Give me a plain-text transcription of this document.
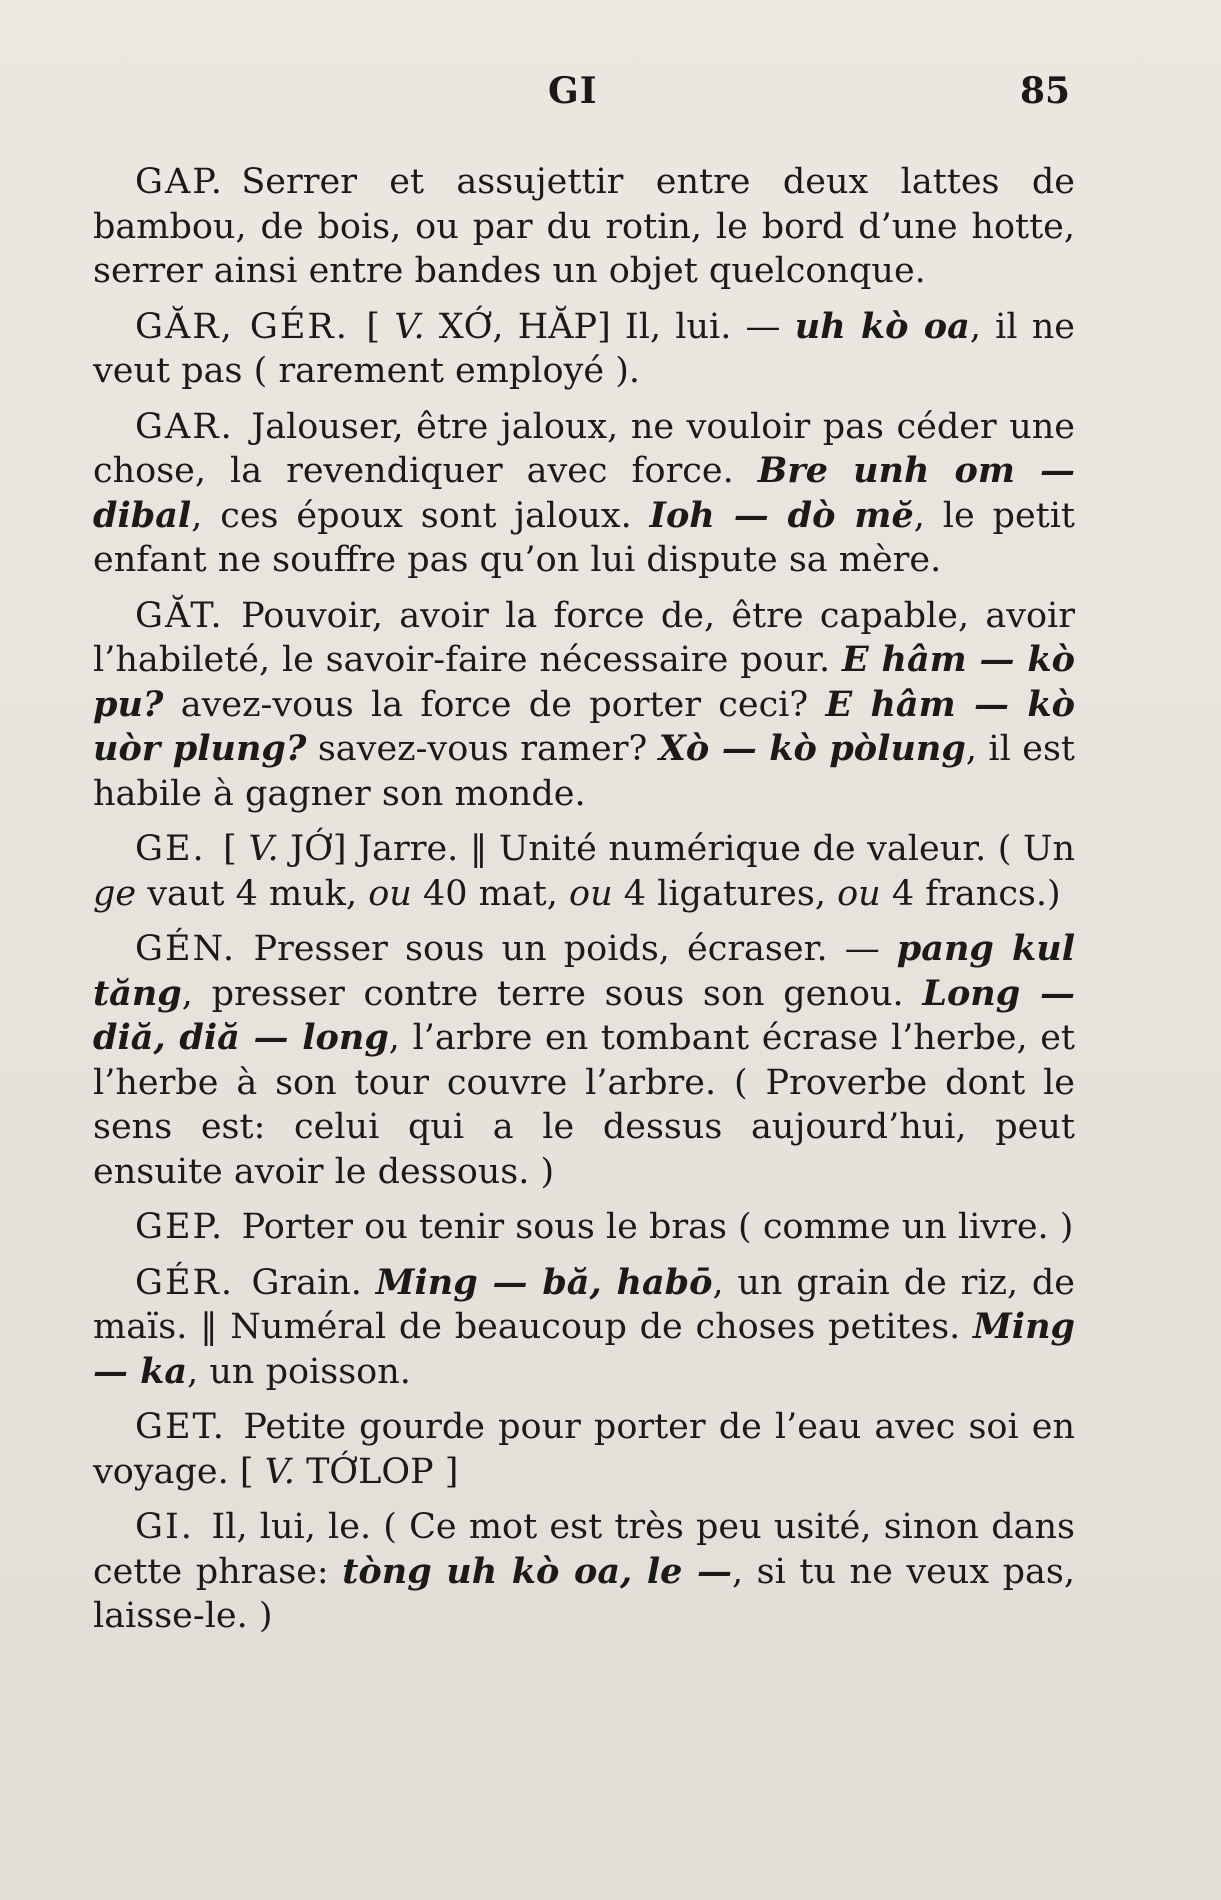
GI	85

GAP.  Serrer et assujettir entre deux lattes de bambou, de bois, ou par du rotin, le bord d’une hotte, serrer ainsi entre bandes un objet quelconque.

GĂR, GÉR.  [ V. XỚ, HĂP] Il, lui. — uh kò oa, il ne veut pas ( rarement employé ).

GAR.  Jalouser, être jaloux, ne vouloir pas céder une chose, la revendiquer avec force. Bre unh om — dibal, ces époux sont jaloux. Ioh — dò mĕ, le petit enfant ne souffre pas qu’on lui dispute sa mère.

GĂT.  Pouvoir, avoir la force de, être capable, avoir l’habileté, le savoir-faire nécessaire pour. E hâm — kò pu? avez-vous la force de porter ceci? E hâm — kò uòr plung? savez-vous ramer? Xò — kò pòlung, il est habile à gagner son monde.

GE.  [ V. JỚ] Jarre. ‖ Unité numérique de valeur. ( Un ge vaut 4 muk, ou 40 mat, ou 4 ligatures, ou 4 francs.)

GÉN.  Presser sous un poids, écraser. — pang kul tăng, presser contre terre sous son genou. Long — diă, diă — long, l’arbre en tombant écrase l’herbe, et l’herbe à son tour couvre l’arbre. ( Proverbe dont le sens est: celui qui a le dessus aujourd’hui, peut ensuite avoir le dessous. )

GEP.  Porter ou tenir sous le bras ( comme un livre. )

GÉR.  Grain. Ming — bă, habō, un grain de riz, de maïs. ‖ Numéral de beaucoup de choses petites. Ming — ka, un poisson.

GET.  Petite gourde pour porter de l’eau avec soi en voyage. [ V. TỚLOP ]

GI.  Il, lui, le. ( Ce mot est très peu usité, sinon dans cette phrase: tòng uh kò oa, le —, si tu ne veux pas, laisse-le. )
